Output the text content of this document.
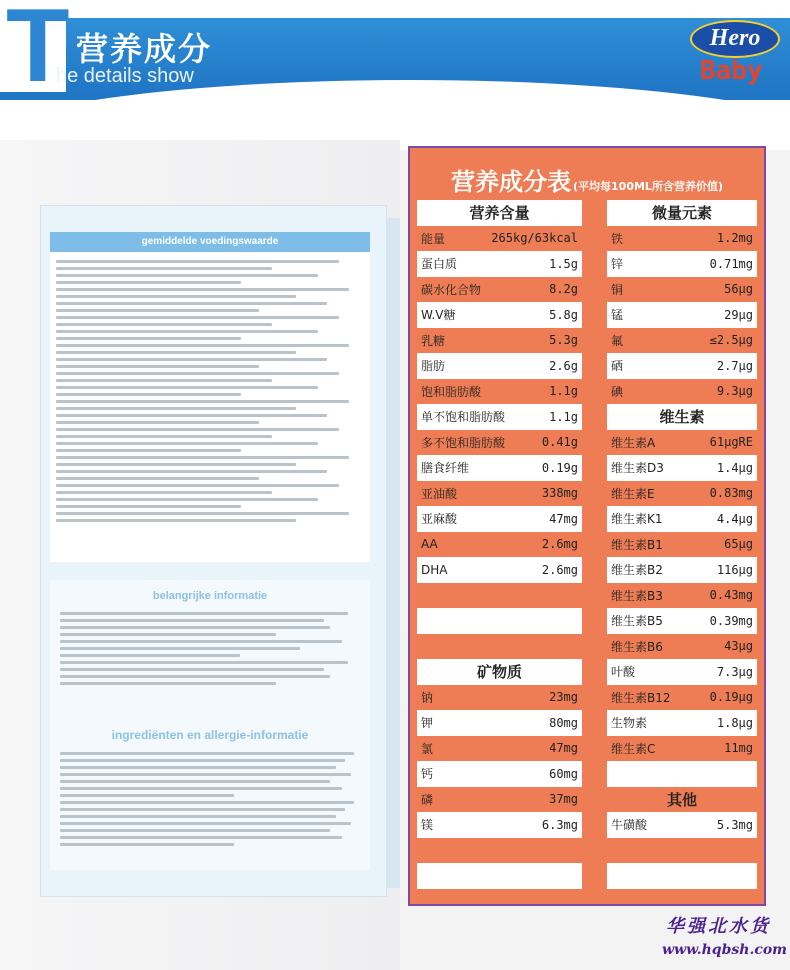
T 营养成分
he details show
Hero
Baby
gemiddelde voedingswaarde
belangrijke informatie
ingrediënten en allergie-informatie
营养成分表 (平均每100ML所含营养价值)
营养含量
能量	265kg/63kcal
蛋白质	1.5g
碳水化合物	8.2g
W.V糖	5.8g
乳糖	5.3g
脂肪	2.6g
饱和脂肪酸	1.1g
单不饱和脂肪酸	1.1g
多不饱和脂肪酸	0.41g
膳食纤维	0.19g
亚油酸	338mg
亚麻酸	47mg
AA	2.6mg
DHA	2.6mg
矿物质
钠	23mg
钾	80mg
氯	47mg
钙	60mg
磷	37mg
镁	6.3mg
微量元素
铁	1.2mg
锌	0.71mg
铜	56μg
锰	29μg
氟	≤2.5μg
硒	2.7μg
碘	9.3μg
维生素
维生素A	61μgRE
维生素D3	1.4μg
维生素E	0.83mg
维生素K1	4.4μg
维生素B1	65μg
维生素B2	116μg
维生素B3	0.43mg
维生素B5	0.39mg
维生素B6	43μg
叶酸	7.3μg
维生素B12	0.19μg
生物素	1.8μg
维生素C	11mg
其他
牛磺酸	5.3mg
华强北水货
www.hqbsh.com
